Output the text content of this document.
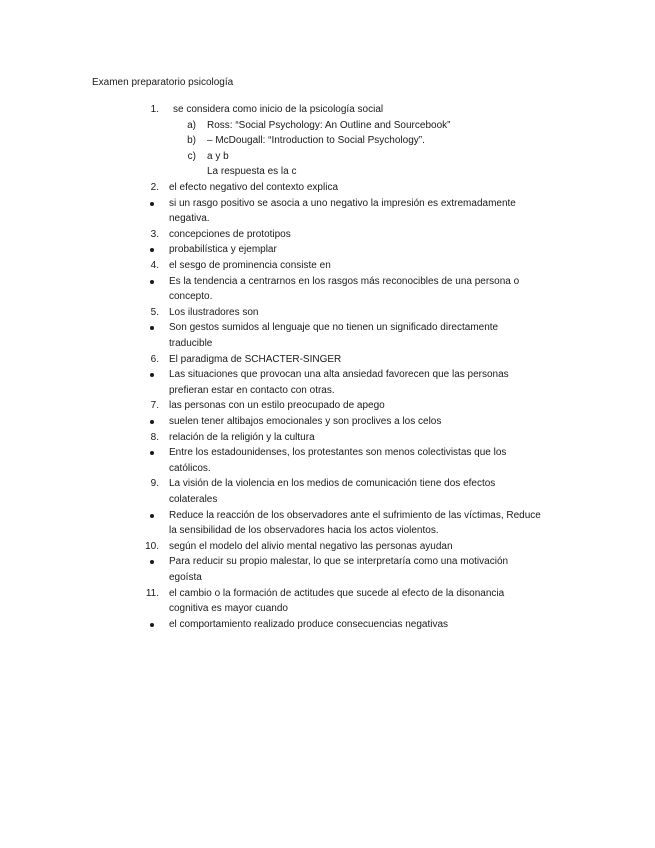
Examen preparatorio psicología
1. se considera como inicio de la psicología social
a) Ross: “Social Psychology: An Outline and Sourcebook”
b) – McDougall: “Introduction to Social Psychology”.
c) a y b
La respuesta es la c
2. el efecto negativo del contexto explica
si un rasgo positivo se asocia a uno negativo la impresión es extremadamente
negativa.
3. concepciones de prototipos
probabilística y ejemplar
4. el sesgo de prominencia consiste en
Es la tendencia a centrarnos en los rasgos más reconocibles de una persona o
concepto.
5. Los ilustradores son
Son gestos sumidos al lenguaje que no tienen un significado directamente
traducible
6. El paradigma de SCHACTER-SINGER
Las situaciones que provocan una alta ansiedad favorecen que las personas
prefieran estar en contacto con otras.
7. las personas con un estilo preocupado de apego
suelen tener altibajos emocionales y son proclives a los celos
8. relación de la religión y la cultura
Entre los estadounidenses, los protestantes son menos colectivistas que los
católicos.
9. La visión de la violencia en los medios de comunicación tiene dos efectos
colaterales
Reduce la reacción de los observadores ante el sufrimiento de las víctimas, Reduce
la sensibilidad de los observadores hacia los actos violentos.
10. según el modelo del alivio mental negativo las personas ayudan
Para reducir su propio malestar, lo que se interpretaría como una motivación
egoísta
11. el cambio o la formación de actitudes que sucede al efecto de la disonancia
cognitiva es mayor cuando
el comportamiento realizado produce consecuencias negativas
